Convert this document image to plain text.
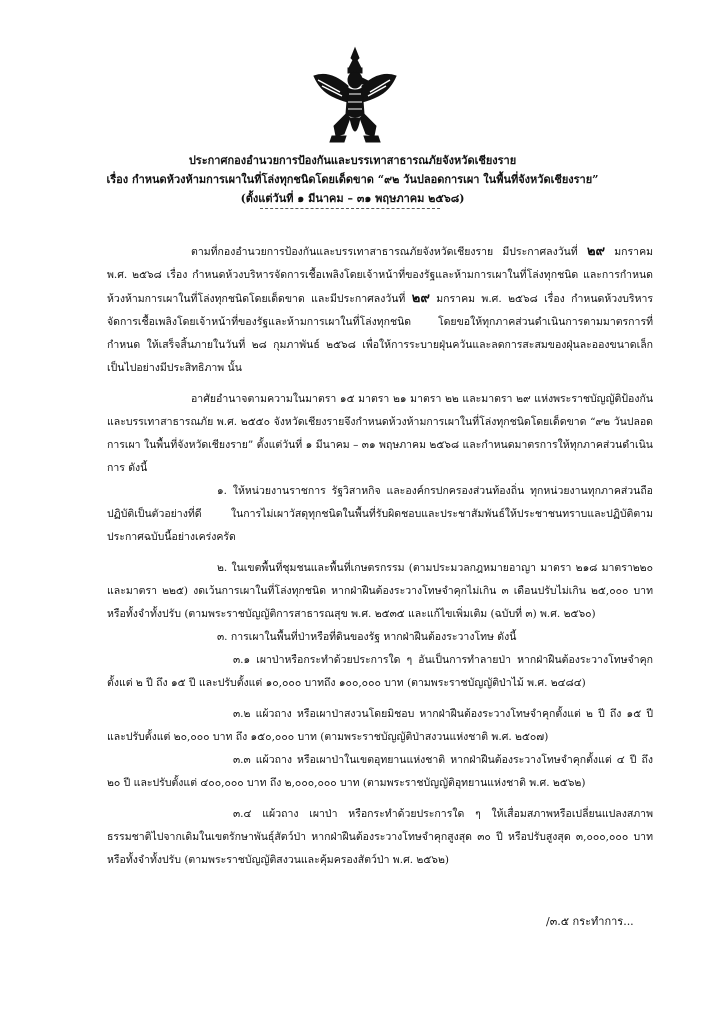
ประกาศกองอำนวยการป้องกันและบรรเทาสาธารณภัยจังหวัดเชียงราย
เรื่อง กำหนดห้วงห้ามการเผาในที่โล่งทุกชนิดโดยเด็ดขาด “๙๒ วันปลอดการเผา ในพื้นที่จังหวัดเชียงราย”
(ตั้งแต่วันที่ ๑ มีนาคม – ๓๑ พฤษภาคม ๒๕๖๘)

ตามที่กองอำนวยการป้องกันและบรรเทาสาธารณภัยจังหวัดเชียงราย มีประกาศลงวันที่ ๒๙ มกราคม พ.ศ. ๒๕๖๘ เรื่อง กำหนดห้วงบริหารจัดการเชื้อเพลิงโดยเจ้าหน้าที่ของรัฐและห้ามการเผาในที่โล่งทุกชนิด และการกำหนดห้วงห้ามการเผาในที่โล่งทุกชนิดโดยเด็ดขาด และมีประกาศลงวันที่ ๒๙ มกราคม พ.ศ. ๒๕๖๘ เรื่อง กำหนดห้วงบริหารจัดการเชื้อเพลิงโดยเจ้าหน้าที่ของรัฐและห้ามการเผาในที่โล่งทุกชนิด โดยขอให้ทุกภาคส่วนดำเนินการตามมาตรการที่กำหนด ให้เสร็จสิ้นภายในวันที่ ๒๘ กุมภาพันธ์ ๒๕๖๘ เพื่อให้การระบายฝุ่นควันและลดการสะสมของฝุ่นละอองขนาดเล็ก เป็นไปอย่างมีประสิทธิภาพ นั้น

อาศัยอำนาจตามความในมาตรา ๑๕ มาตรา ๒๑ มาตรา ๒๒ และมาตรา ๒๙ แห่งพระราชบัญญัติป้องกันและบรรเทาสาธารณภัย พ.ศ. ๒๕๕๐ จังหวัดเชียงรายจึงกำหนดห้วงห้ามการเผาในที่โล่งทุกชนิดโดยเด็ดขาด “๙๒ วันปลอดการเผา ในพื้นที่จังหวัดเชียงราย” ตั้งแต่วันที่ ๑ มีนาคม – ๓๑ พฤษภาคม ๒๕๖๘ และกำหนดมาตรการให้ทุกภาคส่วนดำเนินการ ดังนี้

๑. ให้หน่วยงานราชการ รัฐวิสาหกิจ และองค์กรปกครองส่วนท้องถิ่น ทุกหน่วยงานทุกภาคส่วนถือปฏิบัติเป็นตัวอย่างที่ดี ในการไม่เผาวัสดุทุกชนิดในพื้นที่รับผิดชอบและประชาสัมพันธ์ให้ประชาชนทราบและปฏิบัติตามประกาศฉบับนี้อย่างเคร่งครัด

๒. ในเขตพื้นที่ชุมชนและพื้นที่เกษตรกรรม (ตามประมวลกฎหมายอาญา มาตรา ๒๑๘ มาตรา๒๒๐ และมาตรา ๒๒๕) งดเว้นการเผาในที่โล่งทุกชนิด หากฝ่าฝืนต้องระวางโทษจำคุกไม่เกิน ๓ เดือนปรับไม่เกิน ๒๕,๐๐๐ บาท หรือทั้งจำทั้งปรับ (ตามพระราชบัญญัติการสาธารณสุข พ.ศ. ๒๕๓๕ และแก้ไขเพิ่มเติม (ฉบับที่ ๓) พ.ศ. ๒๕๖๐)

๓. การเผาในพื้นที่ป่าหรือที่ดินของรัฐ หากฝ่าฝืนต้องระวางโทษ ดังนี้

๓.๑ เผาป่าหรือกระทำด้วยประการใด ๆ อันเป็นการทำลายป่า หากฝ่าฝืนต้องระวางโทษจำคุกตั้งแต่ ๒ ปี ถึง ๑๕ ปี และปรับตั้งแต่ ๑๐,๐๐๐ บาทถึง ๑๐๐,๐๐๐ บาท (ตามพระราชบัญญัติป่าไม้ พ.ศ. ๒๔๘๔)

๓.๒ แผ้วถาง หรือเผาป่าสงวนโดยมิชอบ หากฝ่าฝืนต้องระวางโทษจำคุกตั้งแต่ ๒ ปี ถึง ๑๕ ปี และปรับตั้งแต่ ๒๐,๐๐๐ บาท ถึง ๑๕๐,๐๐๐ บาท (ตามพระราชบัญญัติป่าสงวนแห่งชาติ พ.ศ. ๒๕๐๗)

๓.๓ แผ้วถาง หรือเผาป่าในเขตอุทยานแห่งชาติ หากฝ่าฝืนต้องระวางโทษจำคุกตั้งแต่ ๔ ปี ถึง ๒๐ ปี และปรับตั้งแต่ ๔๐๐,๐๐๐ บาท ถึง ๒,๐๐๐,๐๐๐ บาท (ตามพระราชบัญญัติอุทยานแห่งชาติ พ.ศ. ๒๕๖๒)

๓.๔ แผ้วถาง เผาป่า หรือกระทำด้วยประการใด ๆ ให้เสื่อมสภาพหรือเปลี่ยนแปลงสภาพธรรมชาติไปจากเดิมในเขตรักษาพันธุ์สัตว์ป่า หากฝ่าฝืนต้องระวางโทษจำคุกสูงสุด ๓๐ ปี หรือปรับสูงสุด ๓,๐๐๐,๐๐๐ บาท หรือทั้งจำทั้งปรับ (ตามพระราชบัญญัติสงวนและคุ้มครองสัตว์ป่า พ.ศ. ๒๕๖๒)

/๓.๕ กระทำการ...
